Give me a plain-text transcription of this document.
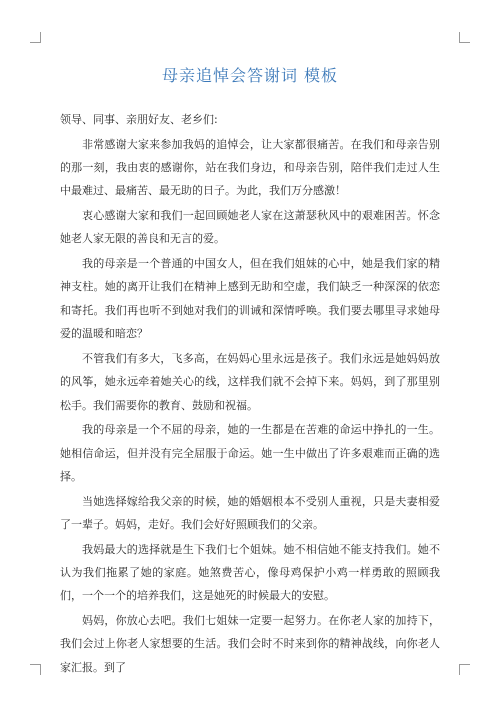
母亲追悼会答谢词 模板

领导、同事、亲朋好友、老乡们:

非常感谢大家来参加我妈的追悼会，让大家都很痛苦。在我们和母亲告别的那一刻，我由衷的感谢你，站在我们身边，和母亲告别，陪伴我们走过人生中最难过、最痛苦、最无助的日子。为此，我们万分感激！

衷心感谢大家和我们一起回顾她老人家在这萧瑟秋风中的艰难困苦。怀念她老人家无限的善良和无言的爱。

我的母亲是一个普通的中国女人，但在我们姐妹的心中，她是我们家的精神支柱。她的离开让我们在精神上感到无助和空虚，我们缺乏一种深深的依恋和寄托。我们再也听不到她对我们的训诫和深情呼唤。我们要去哪里寻求她母爱的温暖和暗恋？

不管我们有多大，飞多高，在妈妈心里永远是孩子。我们永远是她妈妈放的风筝，她永远牵着她关心的线，这样我们就不会掉下来。妈妈，到了那里别松手。我们需要你的教育、鼓励和祝福。

我的母亲是一个不屈的母亲，她的一生都是在苦难的命运中挣扎的一生。她相信命运，但并没有完全屈服于命运。她一生中做出了许多艰难而正确的选择。

当她选择嫁给我父亲的时候，她的婚姻根本不受别人重视，只是夫妻相爱了一辈子。妈妈，走好。我们会好好照顾我们的父亲。

我妈最大的选择就是生下我们七个姐妹。她不相信她不能支持我们。她不认为我们拖累了她的家庭。她煞费苦心，像母鸡保护小鸡一样勇敢的照顾我们，一个一个的培养我们，这是她死的时候最大的安慰。

妈妈，你放心去吧。我们七姐妹一定要一起努力。在你老人家的加持下，我们会过上你老人家想要的生活。我们会时不时来到你的精神战线，向你老人家汇报。到了
